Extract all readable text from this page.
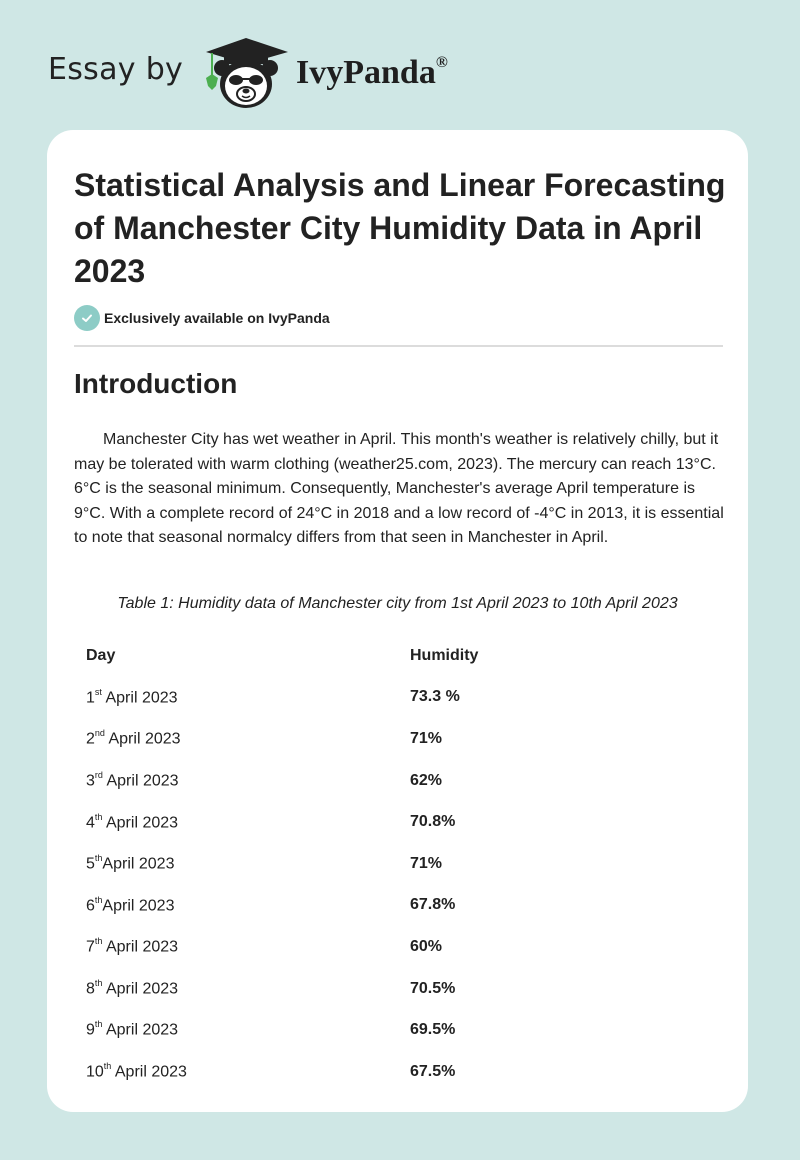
Essay by	IvyPanda®
Statistical Analysis and Linear Forecasting of Manchester City Humidity Data in April 2023
Exclusively available on IvyPanda
Introduction

Manchester City has wet weather in April. This month's weather is relatively chilly, but it may be tolerated with warm clothing (weather25.com, 2023). The mercury can reach 13°C. 6°C is the seasonal minimum. Consequently, Manchester's average April temperature is 9°C. With a complete record of 24°C in 2018 and a low record of -4°C in 2013, it is essential to note that seasonal normalcy differs from that seen in Manchester in April.

Table 1: Humidity data of Manchester city from 1st April 2023 to 10th April 2023
Day	Humidity
1st April 2023	73.3 %
2nd April 2023	71%
3rd April 2023	62%
4th April 2023	70.8%
5thApril 2023	71%
6thApril 2023	67.8%
7th April 2023	60%
8th April 2023	70.5%
9th April 2023	69.5%
10th April 2023	67.5%
